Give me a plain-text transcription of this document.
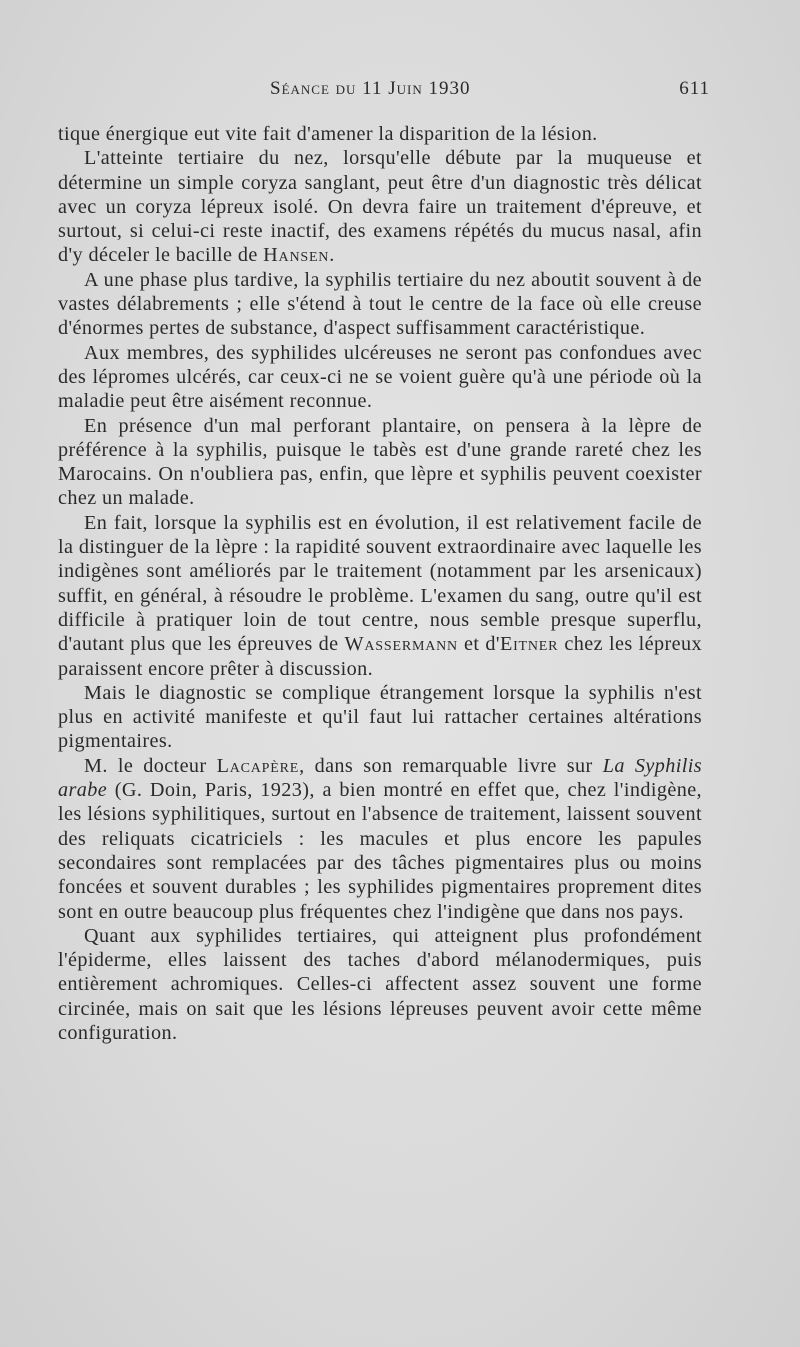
Séance du 11 Juin 1930	611

tique énergique eut vite fait d'amener la disparition de la lésion.

L'atteinte tertiaire du nez, lorsqu'elle débute par la muqueuse et détermine un simple coryza sanglant, peut être d'un diagnostic très délicat avec un coryza lépreux isolé. On devra faire un traitement d'épreuve, et surtout, si celui-ci reste inactif, des examens répétés du mucus nasal, afin d'y déceler le bacille de Hansen.

A une phase plus tardive, la syphilis tertiaire du nez aboutit souvent à de vastes délabrements ; elle s'étend à tout le centre de la face où elle creuse d'énormes pertes de substance, d'aspect suffisamment caractéristique.

Aux membres, des syphilides ulcéreuses ne seront pas confondues avec des lépromes ulcérés, car ceux-ci ne se voient guère qu'à une période où la maladie peut être aisément reconnue.

En présence d'un mal perforant plantaire, on pensera à la lèpre de préférence à la syphilis, puisque le tabès est d'une grande rareté chez les Marocains. On n'oubliera pas, enfin, que lèpre et syphilis peuvent coexister chez un malade.

En fait, lorsque la syphilis est en évolution, il est relativement facile de la distinguer de la lèpre : la rapidité souvent extraordinaire avec laquelle les indigènes sont améliorés par le traitement (notamment par les arsenicaux) suffit, en général, à résoudre le problème. L'examen du sang, outre qu'il est difficile à pratiquer loin de tout centre, nous semble presque superflu, d'autant plus que les épreuves de Wassermann et d'Eitner chez les lépreux paraissent encore prêter à discussion.

Mais le diagnostic se complique étrangement lorsque la syphilis n'est plus en activité manifeste et qu'il faut lui rattacher certaines altérations pigmentaires.

M. le docteur Lacapère, dans son remarquable livre sur La Syphilis arabe (G. Doin, Paris, 1923), a bien montré en effet que, chez l'indigène, les lésions syphilitiques, surtout en l'absence de traitement, laissent souvent des reliquats cicatriciels : les macules et plus encore les papules secondaires sont remplacées par des tâches pigmentaires plus ou moins foncées et souvent durables ; les syphilides pigmentaires proprement dites sont en outre beaucoup plus fréquentes chez l'indigène que dans nos pays.

Quant aux syphilides tertiaires, qui atteignent plus profondément l'épiderme, elles laissent des taches d'abord mélanodermiques, puis entièrement achromiques. Celles-ci affectent assez souvent une forme circinée, mais on sait que les lésions lépreuses peuvent avoir cette même configuration.
